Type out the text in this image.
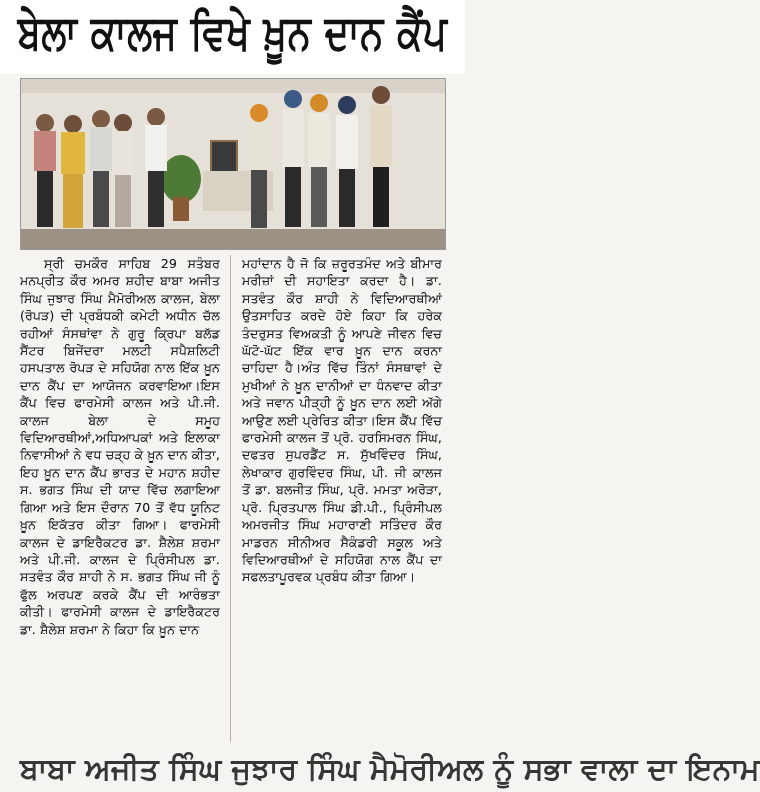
ਬੇਲਾ ਕਾਲਜ ਵਿਖੇ ਖ਼ੂਨ ਦਾਨ ਕੈਂਪ

ਸ੍ਰੀ ਚਮਕੌਰ ਸਾਹਿਬ 29 ਸਤੰਬਰ ਮਨਪ੍ਰੀਤ ਕੌਰ ਅਮਰ ਸ਼ਹੀਦ ਬਾਬਾ ਅਜੀਤ ਸਿੰਘ ਜੁਝਾਰ ਸਿੰਘ ਮੈਮੋਰੀਅਲ ਕਾਲਜ, ਬੇਲਾ (ਰੋਪੜ) ਦੀ ਪ੍ਰਬੰਧਕੀ ਕਮੇਟੀ ਅਧੀਨ ਚੱਲ ਰਹੀਆਂ ਸੰਸਥਾਂਵਾ ਨੇ ਗੁਰੂ ਕ੍ਰਿਪਾ ਬਲੱਡ ਸੈਂਟਰ ਬਿਜੇਂਦਰਾ ਮਲਟੀ ਸਪੈਸ਼ਲਿਟੀ ਹਸਪਤਾਲ ਰੋਪੜ ਦੇ ਸਹਿਯੋਗ ਨਾਲ ਇੱਕ ਖ਼ੂਨ ਦਾਨ ਕੈਂਪ ਦਾ ਆਯੋਜਨ ਕਰਵਾਇਆ।ਇਸ ਕੈਂਪ ਵਿਚ ਫਾਰਮੇਸੀ ਕਾਲਜ ਅਤੇ ਪੀ.ਜੀ. ਕਾਲਜ ਬੇਲਾ ਦੇ ਸਮੂਹ ਵਿਦਿਆਰਥੀਆਂ,ਅਧਿਆਪਕਾਂ ਅਤੇ ਇਲਾਕਾ ਨਿਵਾਸੀਆਂ ਨੇ ਵਧ ਚੜ੍ਹ ਕੇ ਖ਼ੂਨ ਦਾਨ ਕੀਤਾ, ਇਹ ਖ਼ੂਨ ਦਾਨ ਕੈਂਪ ਭਾਰਤ ਦੇ ਮਹਾਨ ਸ਼ਹੀਦ ਸ. ਭਗਤ ਸਿੰਘ ਦੀ ਯਾਦ ਵਿੱਚ ਲਗਾਇਆ ਗਿਆ ਅਤੇ ਇਸ ਦੌਰਾਨ 70 ਤੋਂ ਵੱਧ ਯੂਨਿਟ ਖ਼ੂਨ ਇਕੱਤਰ ਕੀਤਾ ਗਿਆ। ਫਾਰਮੇਸੀ ਕਾਲਜ ਦੇ ਡਾਇਰੈਕਟਰ ਡਾ. ਸ਼ੈਲੇਸ਼ ਸ਼ਰਮਾ ਅਤੇ ਪੀ.ਜੀ. ਕਾਲਜ ਦੇ ਪ੍ਰਿੰਸੀਪਲ ਡਾ. ਸਤਵੰਤ ਕੌਰ ਸ਼ਾਹੀ ਨੇ ਸ. ਭਗਤ ਸਿੰਘ ਜੀ ਨੂੰ ਫੁੱਲ ਅਰਪਣ ਕਰਕੇ ਕੈਂਪ ਦੀ ਆਰੰਭਤਾ ਕੀਤੀ। ਫਾਰਮੇਸੀ ਕਾਲਜ ਦੇ ਡਾਇਰੈਕਟਰ ਡਾ. ਸ਼ੈਲੇਸ਼ ਸ਼ਰਮਾ ਨੇ ਕਿਹਾ ਕਿ ਖ਼ੂਨ ਦਾਨ

ਮਹਾਂਦਾਨ ਹੈ ਜੋ ਕਿ ਜ਼ਰੂਰਤਮੰਦ ਅਤੇ ਬੀਮਾਰ ਮਰੀਜ਼ਾਂ ਦੀ ਸਹਾਇਤਾ ਕਰਦਾ ਹੈ। ਡਾ. ਸਤਵੰਤ ਕੌਰ ਸ਼ਾਹੀ ਨੇ ਵਿਦਿਆਰਥੀਆਂ ਉਤਸਾਹਿਤ ਕਰਦੇ ਹੋਏ ਕਿਹਾ ਕਿ ਹਰੇਕ ਤੰਦਰੁਸਤ ਵਿਅਕਤੀ ਨੂੰ ਆਪਣੇ ਜੀਵਨ ਵਿਚ ਘੱਟੋ-ਘੱਟ ਇੱਕ ਵਾਰ ਖ਼ੂਨ ਦਾਨ ਕਰਨਾ ਚਾਹਿਦਾ ਹੈ।ਅੰਤ ਵਿੱਚ ਤਿੰਨਾਂ ਸੰਸਥਾਵਾਂ ਦੇ ਮੁਖੀਆਂ ਨੇ ਖ਼ੂਨ ਦਾਨੀਆਂ ਦਾ ਧੰਨਵਾਦ ਕੀਤਾ ਅਤੇ ਜਵਾਨ ਪੀੜ੍ਹੀ ਨੂੰ ਖ਼ੂਨ ਦਾਨ ਲਈ ਅੱਗੇ ਆਉਣ ਲਈ ਪ੍ਰੇਰਿਤ ਕੀਤਾ।ਇਸ ਕੈਂਪ ਵਿੱਚ ਫਾਰਮੇਸੀ ਕਾਲਜ ਤੋਂ ਪ੍ਰੋ. ਹਰਸਿਮਰਨ ਸਿੰਘ, ਦਫਤਰ ਸੁਪਰਡੈਂਟ ਸ. ਸੁੱਖਵਿੰਦਰ ਸਿੰਘ, ਲੇਖਾਕਾਰ ਗੁਰਵਿੰਦਰ ਸਿੰਘ, ਪੀ. ਜੀ ਕਾਲਜ ਤੋਂ ਡਾ. ਬਲਜੀਤ ਸਿੰਘ, ਪ੍ਰੋ. ਮਮਤਾ ਅਰੋੜਾ, ਪ੍ਰੋ. ਪ੍ਰਿਤਪਾਲ ਸਿੰਘ ਡੀ.ਪੀ., ਪ੍ਰਿੰਸੀਪਲ ਅਮਰਜੀਤ ਸਿੰਘ ਮਹਾਰਾਣੀ ਸਤਿੰਦਰ ਕੌਰ ਮਾਡਰਨ ਸੀਨੀਅਰ ਸੈਕੰਡਰੀ ਸਕੂਲ ਅਤੇ ਵਿਦਿਆਰਥੀਆਂ ਦੇ ਸਹਿਯੋਗ ਨਾਲ ਕੈਂਪ ਦਾ ਸਫਲਤਾਪੂਰਵਕ ਪ੍ਰਬੰਧ ਕੀਤਾ ਗਿਆ।

ਬਾਬਾ ਅਜੀਤ ਸਿੰਘ ਜੁਝਾਰ ਸਿੰਘ ਮੈਮੋਰੀਅਲ ਨੂੰ ਸਭਾ ਵਾਲਾ ਦਾ ਇਨਾਮ
